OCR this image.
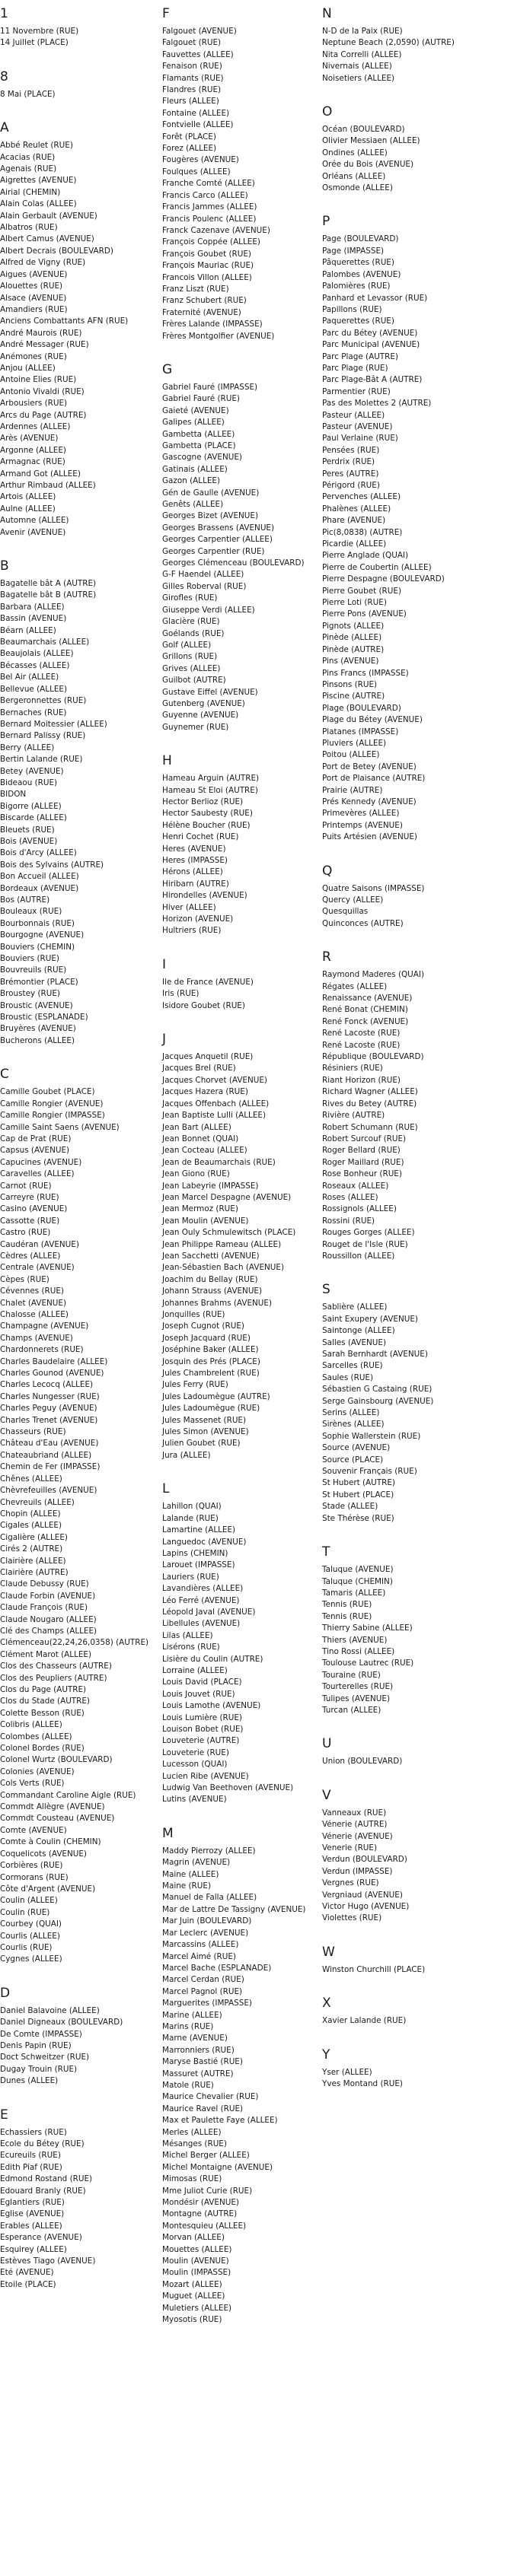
1
11 Novembre (RUE)
14 Juillet (PLACE)
8
8 Mai (PLACE)
A
Abbé Reulet (RUE)
Acacias (RUE)
Agenais (RUE)
Aigrettes (AVENUE)
Airial (CHEMIN)
Alain Colas (ALLEE)
Alain Gerbault (AVENUE)
Albatros (RUE)
Albert Camus (AVENUE)
Albert Decrais (BOULEVARD)
Alfred de Vigny (RUE)
Aigues (AVENUE)
Alouettes (RUE)
Alsace (AVENUE)
Amandiers (RUE)
Anciens Combattants AFN (RUE)
André Maurois (RUE)
André Messager (RUE)
Anémones (RUE)
Anjou (ALLEE)
Antoine Elies (RUE)
Antonio Vivaldi (RUE)
Arbousiers (RUE)
Arcs du Page (AUTRE)
Ardennes (ALLEE)
Arès (AVENUE)
Argonne (ALLEE)
Armagnac (RUE)
Armand Got (ALLEE)
Arthur Rimbaud (ALLEE)
Artois (ALLEE)
Aulne (ALLEE)
Automne (ALLEE)
Avenir (AVENUE)
B
Bagatelle bât A (AUTRE)
Bagatelle bât B (AUTRE)
Barbara (ALLEE)
Bassin (AVENUE)
Béarn (ALLEE)
Beaumarchais (ALLEE)
Beaujolais (ALLEE)
Bécasses (ALLEE)
Bel Air (ALLEE)
Bellevue (ALLEE)
Bergeronnettes (RUE)
Bernaches (RUE)
Bernard Moitessier (ALLEE)
Bernard Palissy (RUE)
Berry (ALLEE)
Bertin Lalande (RUE)
Betey (AVENUE)
Bideaou (RUE)
BIDON
Bigorre (ALLEE)
Biscarde (ALLEE)
Bleuets (RUE)
Bois (AVENUE)
Bois d'Arcy (ALLEE)
Bois des Sylvains (AUTRE)
Bon Accueil (ALLEE)
Bordeaux (AVENUE)
Bos (AUTRE)
Bouleaux (RUE)
Bourbonnais (RUE)
Bourgogne (AVENUE)
Bouviers (CHEMIN)
Bouviers (RUE)
Bouvreuils (RUE)
Brémontier (PLACE)
Broustey (RUE)
Broustic (AVENUE)
Broustic (ESPLANADE)
Bruyères (AVENUE)
Bucherons (ALLEE)
C
Camille Goubet (PLACE)
Camille Rongier (AVENUE)
Camille Rongier (IMPASSE)
Camille Saint Saens (AVENUE)
Cap de Prat (RUE)
Capsus (AVENUE)
Capucines (AVENUE)
Caravelles (ALLEE)
Carnot (RUE)
Carreyre (RUE)
Casino (AVENUE)
Cassotte (RUE)
Castro (RUE)
Caudéran (AVENUE)
Cèdres (ALLEE)
Centrale (AVENUE)
Cèpes (RUE)
Cévennes (RUE)
Chalet (AVENUE)
Chalosse (ALLEE)
Champagne (AVENUE)
Champs (AVENUE)
Chardonnerets (RUE)
Charles Baudelaire (ALLEE)
Charles Gounod (AVENUE)
Charles Lecocq (ALLEE)
Charles Nungesser (RUE)
Charles Peguy (AVENUE)
Charles Trenet (AVENUE)
Chasseurs (RUE)
Château d'Eau (AVENUE)
Chateaubriand (ALLEE)
Chemin de Fer (IMPASSE)
Chênes (ALLEE)
Chèvrefeuilles (AVENUE)
Chevreuils (ALLEE)
Chopin (ALLEE)
Cigales (ALLEE)
Cigalière (ALLEE)
Cirés 2 (AUTRE)
Clairière (ALLEE)
Clairière (AUTRE)
Claude Debussy (RUE)
Claude Forbin (AVENUE)
Claude François (RUE)
Claude Nougaro (ALLEE)
Clé des Champs (ALLEE)
Clémenceau(22,24,26,0358) (AUTRE)
Clément Marot (ALLEE)
Clos des Chasseurs (AUTRE)
Clos des Peupliers (AUTRE)
Clos du Page (AUTRE)
Clos du Stade (AUTRE)
Colette Besson (RUE)
Colibris (ALLEE)
Colombes (ALLEE)
Colonel Bordes (RUE)
Colonel Wurtz (BOULEVARD)
Colonies (AVENUE)
Cols Verts (RUE)
Commandant Caroline Aigle (RUE)
Commdt Allègre (AVENUE)
Commdt Cousteau (AVENUE)
Comte (AVENUE)
Comte à Coulin (CHEMIN)
Coquelicots (AVENUE)
Corbières (RUE)
Cormorans (RUE)
Côte d'Argent (AVENUE)
Coulin (ALLEE)
Coulin (RUE)
Courbey (QUAI)
Courlis (ALLEE)
Courlis (RUE)
Cygnes (ALLEE)
D
Daniel Balavoine (ALLEE)
Daniel Digneaux (BOULEVARD)
De Comte (IMPASSE)
Denis Papin (RUE)
Doct Schweitzer (RUE)
Dugay Trouin (RUE)
Dunes (ALLEE)
E
Echassiers (RUE)
Ecole du Bétey (RUE)
Ecureuils (RUE)
Edith Piaf (RUE)
Edmond Rostand (RUE)
Edouard Branly (RUE)
Eglantiers (RUE)
Eglise (AVENUE)
Erables (ALLEE)
Esperance (AVENUE)
Esquirey (ALLEE)
Estèves Tiago (AVENUE)
Eté (AVENUE)
Etoile (PLACE)
F
Falgouet (AVENUE)
Falgouet (RUE)
Fauvettes (ALLEE)
Fenaison (RUE)
Flamants (RUE)
Flandres (RUE)
Fleurs (ALLEE)
Fontaine (ALLEE)
Fontvielle (ALLEE)
Forêt (PLACE)
Forez (ALLEE)
Fougères (AVENUE)
Foulques (ALLEE)
Franche Comté (ALLEE)
Francis Carco (ALLEE)
Francis Jammes (ALLEE)
Francis Poulenc (ALLEE)
Franck Cazenave (AVENUE)
François Coppée (ALLEE)
François Goubet (RUE)
François Mauriac (RUE)
Francois Villon (ALLEE)
Franz Liszt (RUE)
Franz Schubert (RUE)
Fraternité (AVENUE)
Frères Lalande (IMPASSE)
Frères Montgolfier (AVENUE)
G
Gabriel Fauré (IMPASSE)
Gabriel Fauré (RUE)
Gaieté (AVENUE)
Galipes (ALLEE)
Gambetta (ALLEE)
Gambetta (PLACE)
Gascogne (AVENUE)
Gatinais (ALLEE)
Gazon (ALLEE)
Gén de Gaulle (AVENUE)
Genêts (ALLEE)
Georges Bizet (AVENUE)
Georges Brassens (AVENUE)
Georges Carpentier (ALLEE)
Georges Carpentier (RUE)
Georges Clémenceau (BOULEVARD)
G-F Haendel (ALLEE)
Gilles Roberval (RUE)
Girofles (RUE)
Giuseppe Verdi (ALLEE)
Glacière (RUE)
Goélands (RUE)
Golf (ALLEE)
Grillons (RUE)
Grives (ALLEE)
Guilbot (AUTRE)
Gustave Eiffel (AVENUE)
Gutenberg (AVENUE)
Guyenne (AVENUE)
Guynemer (RUE)
H
Hameau Arguin (AUTRE)
Hameau St Eloi (AUTRE)
Hector Berlioz (RUE)
Hector Saubesty (RUE)
Hélène Boucher (RUE)
Henri Cochet (RUE)
Heres (AVENUE)
Heres (IMPASSE)
Hérons (ALLEE)
Hiribarn (AUTRE)
Hirondelles (AVENUE)
Hiver (ALLEE)
Horizon (AVENUE)
Hultriers (RUE)
I
Ile de France (AVENUE)
Iris (RUE)
Isidore Goubet (RUE)
J
Jacques Anquetil (RUE)
Jacques Brel (RUE)
Jacques Chorvet (AVENUE)
Jacques Hazera (RUE)
Jacques Offenbach (ALLEE)
Jean Baptiste Lulli (ALLEE)
Jean Bart (ALLEE)
Jean Bonnet (QUAI)
Jean Cocteau (ALLEE)
Jean de Beaumarchais (RUE)
Jean Giono (RUE)
Jean Labeyrie (IMPASSE)
Jean Marcel Despagne (AVENUE)
Jean Mermoz (RUE)
Jean Moulin (AVENUE)
Jean Ouly Schmulewitsch (PLACE)
Jean Philippe Rameau (ALLEE)
Jean Sacchetti (AVENUE)
Jean-Sébastien Bach (AVENUE)
Joachim du Bellay (RUE)
Johann Strauss (AVENUE)
Johannes Brahms (AVENUE)
Jonquilles (RUE)
Joseph Cugnot (RUE)
Joseph Jacquard (RUE)
Joséphine Baker (ALLEE)
Josquin des Prés (PLACE)
Jules Chambrelent (RUE)
Jules Ferry (RUE)
Jules Ladoumègue (AUTRE)
Jules Ladoumègue (RUE)
Jules Massenet (RUE)
Jules Simon (AVENUE)
Julien Goubet (RUE)
Jura (ALLEE)
L
Lahillon (QUAI)
Lalande (RUE)
Lamartine (ALLEE)
Languedoc (AVENUE)
Lapins (CHEMIN)
Larouet (IMPASSE)
Lauriers (RUE)
Lavandières (ALLEE)
Léo Ferré (AVENUE)
Léopold Javal (AVENUE)
Libellules (AVENUE)
Lilas (ALLEE)
Lisérons (RUE)
Lisière du Coulin (AUTRE)
Lorraine (ALLEE)
Louis David (PLACE)
Louis Jouvet (RUE)
Louis Lamothe (AVENUE)
Louis Lumière (RUE)
Louison Bobet (RUE)
Louveterie (AUTRE)
Louveterie (RUE)
Lucesson (QUAI)
Lucien Ribe (AVENUE)
Ludwig Van Beethoven (AVENUE)
Lutins (AVENUE)
M
Maddy Pierrozy (ALLEE)
Magrin (AVENUE)
Maine (ALLEE)
Maine (RUE)
Manuel de Falla (ALLEE)
Mar de Lattre De Tassigny (AVENUE)
Mar Juin (BOULEVARD)
Mar Leclerc (AVENUE)
Marcassins (ALLEE)
Marcel Aimé (RUE)
Marcel Bache (ESPLANADE)
Marcel Cerdan (RUE)
Marcel Pagnol (RUE)
Marguerites (IMPASSE)
Marine (ALLEE)
Marins (RUE)
Marne (AVENUE)
Marronniers (RUE)
Maryse Bastié (RUE)
Massuret (AUTRE)
Matole (RUE)
Maurice Chevalier (RUE)
Maurice Ravel (RUE)
Max et Paulette Faye (ALLEE)
Merles (ALLEE)
Mésanges (RUE)
Michel Berger (ALLEE)
Michel Montaigne (AVENUE)
Mimosas (RUE)
Mme Juliot Curie (RUE)
Mondésir (AVENUE)
Montagne (AUTRE)
Montesquieu (ALLEE)
Morvan (ALLEE)
Mouettes (ALLEE)
Moulin (AVENUE)
Moulin (IMPASSE)
Mozart (ALLEE)
Muguet (ALLEE)
Muletiers (ALLEE)
Myosotis (RUE)
N
N-D de la Paix (RUE)
Neptune Beach (2,0590) (AUTRE)
Nita Correlli (ALLEE)
Nivernais (ALLEE)
Noisetiers (ALLEE)
O
Océan (BOULEVARD)
Olivier Messiaen (ALLEE)
Ondines (ALLEE)
Orée du Bois (AVENUE)
Orléans (ALLEE)
Osmonde (ALLEE)
P
Page (BOULEVARD)
Page (IMPASSE)
Pâquerettes (RUE)
Palombes (AVENUE)
Palomières (RUE)
Panhard et Levassor (RUE)
Papillons (RUE)
Paquerettes (RUE)
Parc du Bétey (AVENUE)
Parc Municipal (AVENUE)
Parc Plage (AUTRE)
Parc Plage (RUE)
Parc Plage-Bât A (AUTRE)
Parmentier (RUE)
Pas des Molettes 2 (AUTRE)
Pasteur (ALLEE)
Pasteur (AVENUE)
Paul Verlaine (RUE)
Pensées (RUE)
Perdrix (RUE)
Peres (AUTRE)
Périgord (RUE)
Pervenches (ALLEE)
Phalènes (ALLEE)
Phare (AVENUE)
Pic(8,0838) (AUTRE)
Picardie (ALLEE)
Pierre Anglade (QUAI)
Pierre de Coubertin (ALLEE)
Pierre Despagne (BOULEVARD)
Pierre Goubet (RUE)
Pierre Loti (RUE)
Pierre Pons (AVENUE)
Pignots (ALLEE)
Pinède (ALLEE)
Pinède (AUTRE)
Pins (AVENUE)
Pins Francs (IMPASSE)
Pinsons (RUE)
Piscine (AUTRE)
Plage (BOULEVARD)
Plage du Bétey (AVENUE)
Platanes (IMPASSE)
Pluviers (ALLEE)
Poitou (ALLEE)
Port de Betey (AVENUE)
Port de Plaisance (AUTRE)
Prairie (AUTRE)
Prés Kennedy (AVENUE)
Primevères (ALLEE)
Printemps (AVENUE)
Puits Artésien (AVENUE)
Q
Quatre Saisons (IMPASSE)
Quercy (ALLEE)
Quesquillas
Quinconces (AUTRE)
R
Raymond Maderes (QUAI)
Régates (ALLEE)
Renaissance (AVENUE)
René Bonat (CHEMIN)
René Fonck (AVENUE)
René Lacoste (RUE)
René Lacoste (RUE)
République (BOULEVARD)
Résiniers (RUE)
Riant Horizon (RUE)
Richard Wagner (ALLEE)
Rives du Betey (AUTRE)
Rivière (AUTRE)
Robert Schumann (RUE)
Robert Surcouf (RUE)
Roger Bellard (RUE)
Roger Maillard (RUE)
Rose Bonheur (RUE)
Roseaux (ALLEE)
Roses (ALLEE)
Rossignols (ALLEE)
Rossini (RUE)
Rouges Gorges (ALLEE)
Rouget de l'Isle (RUE)
Roussillon (ALLEE)
S
Sablière (ALLEE)
Saint Exupery (AVENUE)
Saintonge (ALLEE)
Salles (AVENUE)
Sarah Bernhardt (AVENUE)
Sarcelles (RUE)
Saules (RUE)
Sébastien G Castaing (RUE)
Serge Gainsbourg (AVENUE)
Serins (ALLEE)
Sirènes (ALLEE)
Sophie Wallerstein (RUE)
Source (AVENUE)
Source (PLACE)
Souvenir Français (RUE)
St Hubert (AUTRE)
St Hubert (PLACE)
Stade (ALLEE)
Ste Thérèse (RUE)
T
Taluque (AVENUE)
Taluque (CHEMIN)
Tamaris (ALLEE)
Tennis (RUE)
Tennis (RUE)
Thierry Sabine (ALLEE)
Thiers (AVENUE)
Tino Rossi (ALLEE)
Toulouse Lautrec (RUE)
Touraine (RUE)
Tourterelles (RUE)
Tulipes (AVENUE)
Turcan (ALLEE)
U
Union (BOULEVARD)
V
Vanneaux (RUE)
Vénerie (AUTRE)
Vénerie (AVENUE)
Venerie (RUE)
Verdun (BOULEVARD)
Verdun (IMPASSE)
Vergnes (RUE)
Vergniaud (AVENUE)
Victor Hugo (AVENUE)
Violettes (RUE)
W
Winston Churchill (PLACE)
X
Xavier Lalande (RUE)
Y
Yser (ALLEE)
Yves Montand (RUE)
